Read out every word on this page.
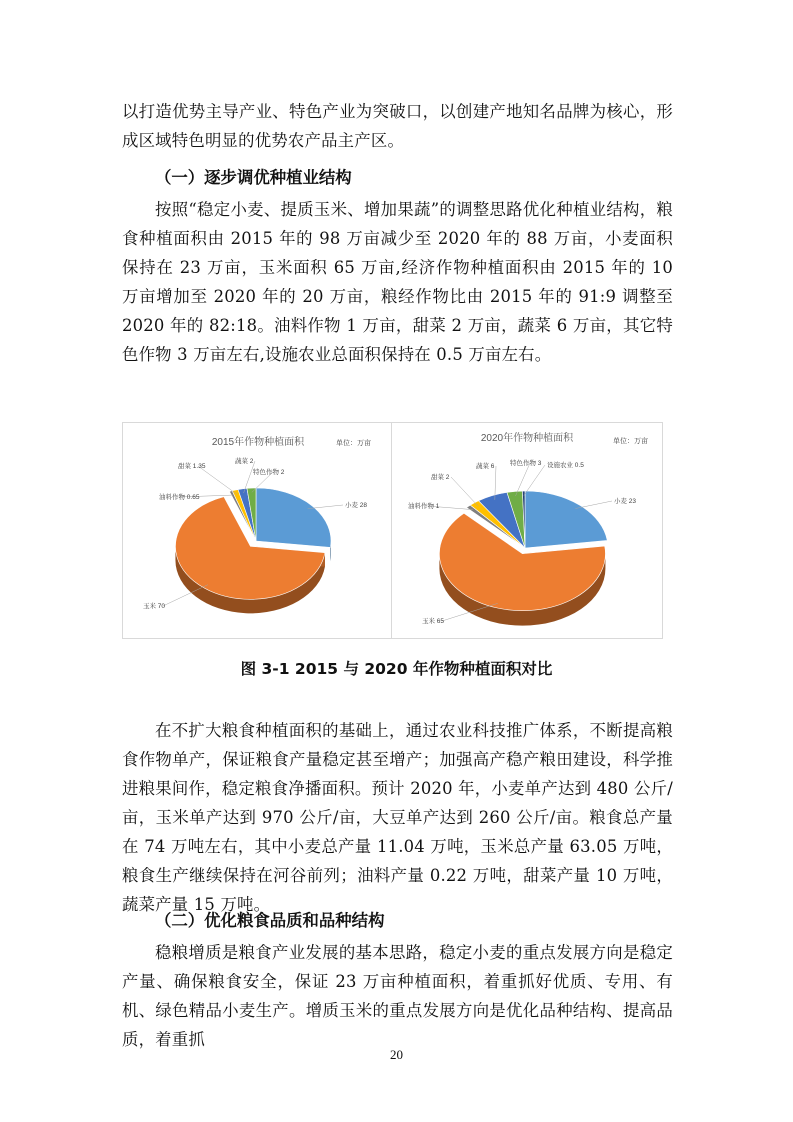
以打造优势主导产业、特色产业为突破口，以创建产地知名品牌为核心，形成区域特色明显的优势农产品主产区。
（一）逐步调优种植业结构
按照“稳定小麦、提质玉米、增加果蔬”的调整思路优化种植业结构，粮食种植面积由 2015 年的 98 万亩减少至 2020 年的 88 万亩，小麦面积保持在 23 万亩，玉米面积 65 万亩,经济作物种植面积由 2015 年的 10 万亩增加至 2020 年的 20 万亩，粮经作物比由 2015 年的 91:9 调整至 2020 年的 82:18。油料作物 1 万亩，甜菜 2 万亩，蔬菜 6 万亩，其它特色作物 3 万亩左右,设施农业总面积保持在 0.5 万亩左右。
2015年作物种植面积	单位：万亩
小麦 28
玉米 70
油料作物 0.65
甜菜 1.35
蔬菜 2
特色作物 2
2020年作物种植面积	单位：万亩
小麦 23
玉米 65
油料作物 1
甜菜 2
蔬菜 6 特色作物 3 设施农业 0.5
图 3-1 2015 与 2020 年作物种植面积对比
在不扩大粮食种植面积的基础上，通过农业科技推广体系，不断提高粮食作物单产，保证粮食产量稳定甚至增产；加强高产稳产粮田建设，科学推进粮果间作，稳定粮食净播面积。预计 2020 年，小麦单产达到 480 公斤/亩，玉米单产达到 970 公斤/亩，大豆单产达到 260 公斤/亩。粮食总产量在 74 万吨左右，其中小麦总产量 11.04 万吨，玉米总产量 63.05 万吨，粮食生产继续保持在河谷前列；油料产量 0.22 万吨，甜菜产量 10 万吨，蔬菜产量 15 万吨。
（二）优化粮食品质和品种结构
稳粮增质是粮食产业发展的基本思路，稳定小麦的重点发展方向是稳定产量、确保粮食安全，保证 23 万亩种植面积，着重抓好优质、专用、有机、绿色精品小麦生产。增质玉米的重点发展方向是优化品种结构、提高品质，着重抓
20
